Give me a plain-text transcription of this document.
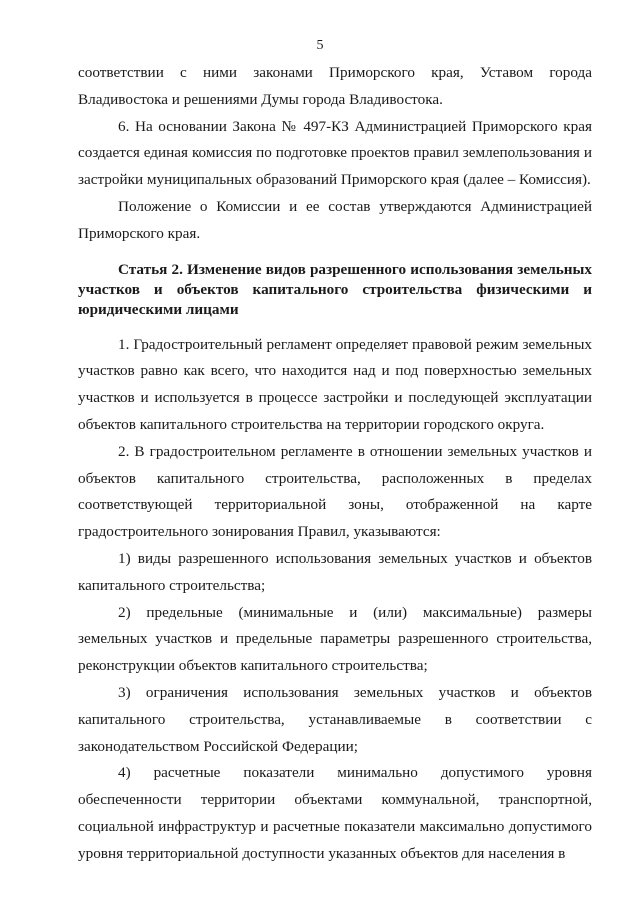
5

соответствии с ними законами Приморского края, Уставом города Владивостока и решениями Думы города Владивостока.

6. На основании Закона № 497-КЗ Администрацией Приморского края создается единая комиссия по подготовке проектов правил землепользования и застройки муниципальных образований Приморского края (далее – Комиссия).

Положение о Комиссии и ее состав утверждаются Администрацией Приморского края.

Статья 2. Изменение видов разрешенного использования земельных участков и объектов капитального строительства физическими и юридическими лицами

1. Градостроительный регламент определяет правовой режим земельных участков равно как всего, что находится над и под поверхностью земельных участков и используется в процессе застройки и последующей эксплуатации объектов капитального строительства на территории городского округа.

2. В градостроительном регламенте в отношении земельных участков и объектов капитального строительства, расположенных в пределах соответствующей территориальной зоны, отображенной на карте градостроительного зонирования Правил, указываются:

1) виды разрешенного использования земельных участков и объектов капитального строительства;

2) предельные (минимальные и (или) максимальные) размеры земельных участков и предельные параметры разрешенного строительства, реконструкции объектов капитального строительства;

3) ограничения использования земельных участков и объектов капитального строительства, устанавливаемые в соответствии с законодательством Российской Федерации;

4) расчетные показатели минимально допустимого уровня обеспеченности территории объектами коммунальной, транспортной, социальной инфраструктур и расчетные показатели максимально допустимого уровня территориальной доступности указанных объектов для населения в
